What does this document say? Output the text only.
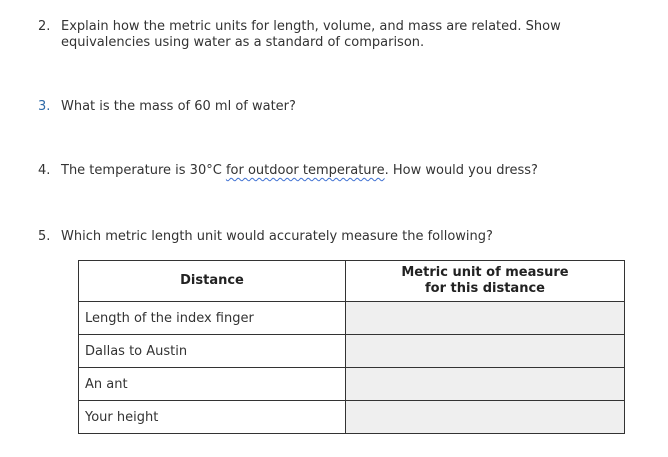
2. Explain how the metric units for length, volume, and mass are related. Show
equivalencies using water as a standard of comparison.
3. What is the mass of 60 ml of water?
4. The temperature is 30°C for outdoor temperature. How would you dress?
5. Which metric length unit would accurately measure the following?
Distance	Metric unit of measure
for this distance

Length of the index finger	
Dallas to Austin	
An ant	
Your height	
